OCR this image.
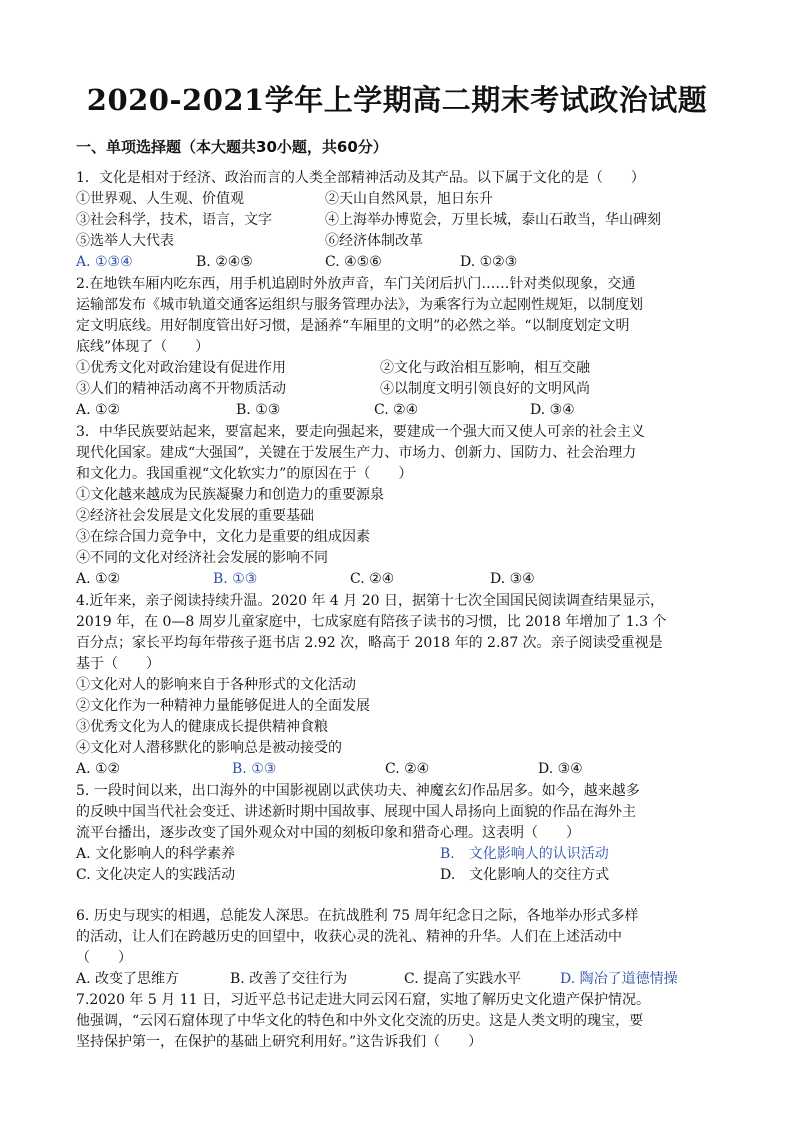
2020-2021学年上学期高二期末考试政治试题
一、单项选择题（本大题共30小题，共60分）
1．文化是相对于经济、政治而言的人类全部精神活动及其产品。以下属于文化的是（　　）
①世界观、人生观、价值观	②天山自然风景，旭日东升
③社会科学，技术，语言，文字	④上海举办博览会，万里长城，泰山石敢当，华山碑刻
⑤选举人大代表	⑥经济体制改革
A. ①③④	B. ②④⑤	C. ④⑤⑥	D. ①②③
2.在地铁车厢内吃东西，用手机追剧时外放声音，车门关闭后扒门……针对类似现象，交通
运输部发布《城市轨道交通客运组织与服务管理办法》，为乘客行为立起刚性规矩，以制度划
定文明底线。用好制度管出好习惯，是涵养“车厢里的文明”的必然之举。“以制度划定文明
底线”体现了（　　）
①优秀文化对政治建设有促进作用	②文化与政治相互影响，相互交融
③人们的精神活动离不开物质活动	④以制度文明引领良好的文明风尚
A. ①②	B. ①③	C. ②④	D. ③④
3．中华民族要站起来，要富起来，要走向强起来，要建成一个强大而又使人可亲的社会主义
现代化国家。建成“大强国”，关键在于发展生产力、市场力、创新力、国防力、社会治理力
和文化力。我国重视“文化软实力”的原因在于（　　）
①文化越来越成为民族凝聚力和创造力的重要源泉
②经济社会发展是文化发展的重要基础
③在综合国力竞争中，文化力是重要的组成因素
④不同的文化对经济社会发展的影响不同
A. ①②	B. ①③	C. ②④	D. ③④
4.近年来，亲子阅读持续升温。2020 年 4 月 20 日，据第十七次全国国民阅读调查结果显示，
2019 年，在 0—8 周岁儿童家庭中，七成家庭有陪孩子读书的习惯，比 2018 年增加了 1.3 个
百分点；家长平均每年带孩子逛书店 2.92 次，略高于 2018 年的 2.87 次。亲子阅读受重视是
基于（　　）
①文化对人的影响来自于各种形式的文化活动
②文化作为一种精神力量能够促进人的全面发展
③优秀文化为人的健康成长提供精神食粮
④文化对人潜移默化的影响总是被动接受的
A. ①②	B. ①③	C. ②④	D. ③④
5. 一段时间以来，出口海外的中国影视剧以武侠功夫、神魔玄幻作品居多。如今，越来越多
的反映中国当代社会变迁、讲述新时期中国故事、展现中国人昂扬向上面貌的作品在海外主
流平台播出，逐步改变了国外观众对中国的刻板印象和猎奇心理。这表明（　　）
A. 文化影响人的科学素养	B.　文化影响人的认识活动
C. 文化决定人的实践活动	D.　文化影响人的交往方式
6. 历史与现实的相遇，总能发人深思。在抗战胜利 75 周年纪念日之际，各地举办形式多样
的活动，让人们在跨越历史的回望中，收获心灵的洗礼、精神的升华。人们在上述活动中
（　　）
A. 改变了思维方	B. 改善了交往行为	C. 提高了实践水平	D. 陶冶了道德情操
7.2020 年 5 月 11 日，习近平总书记走进大同云冈石窟，实地了解历史文化遗产保护情况。
他强调，“云冈石窟体现了中华文化的特色和中外文化交流的历史。这是人类文明的瑰宝，要
坚持保护第一，在保护的基础上研究利用好。”这告诉我们（　　）
